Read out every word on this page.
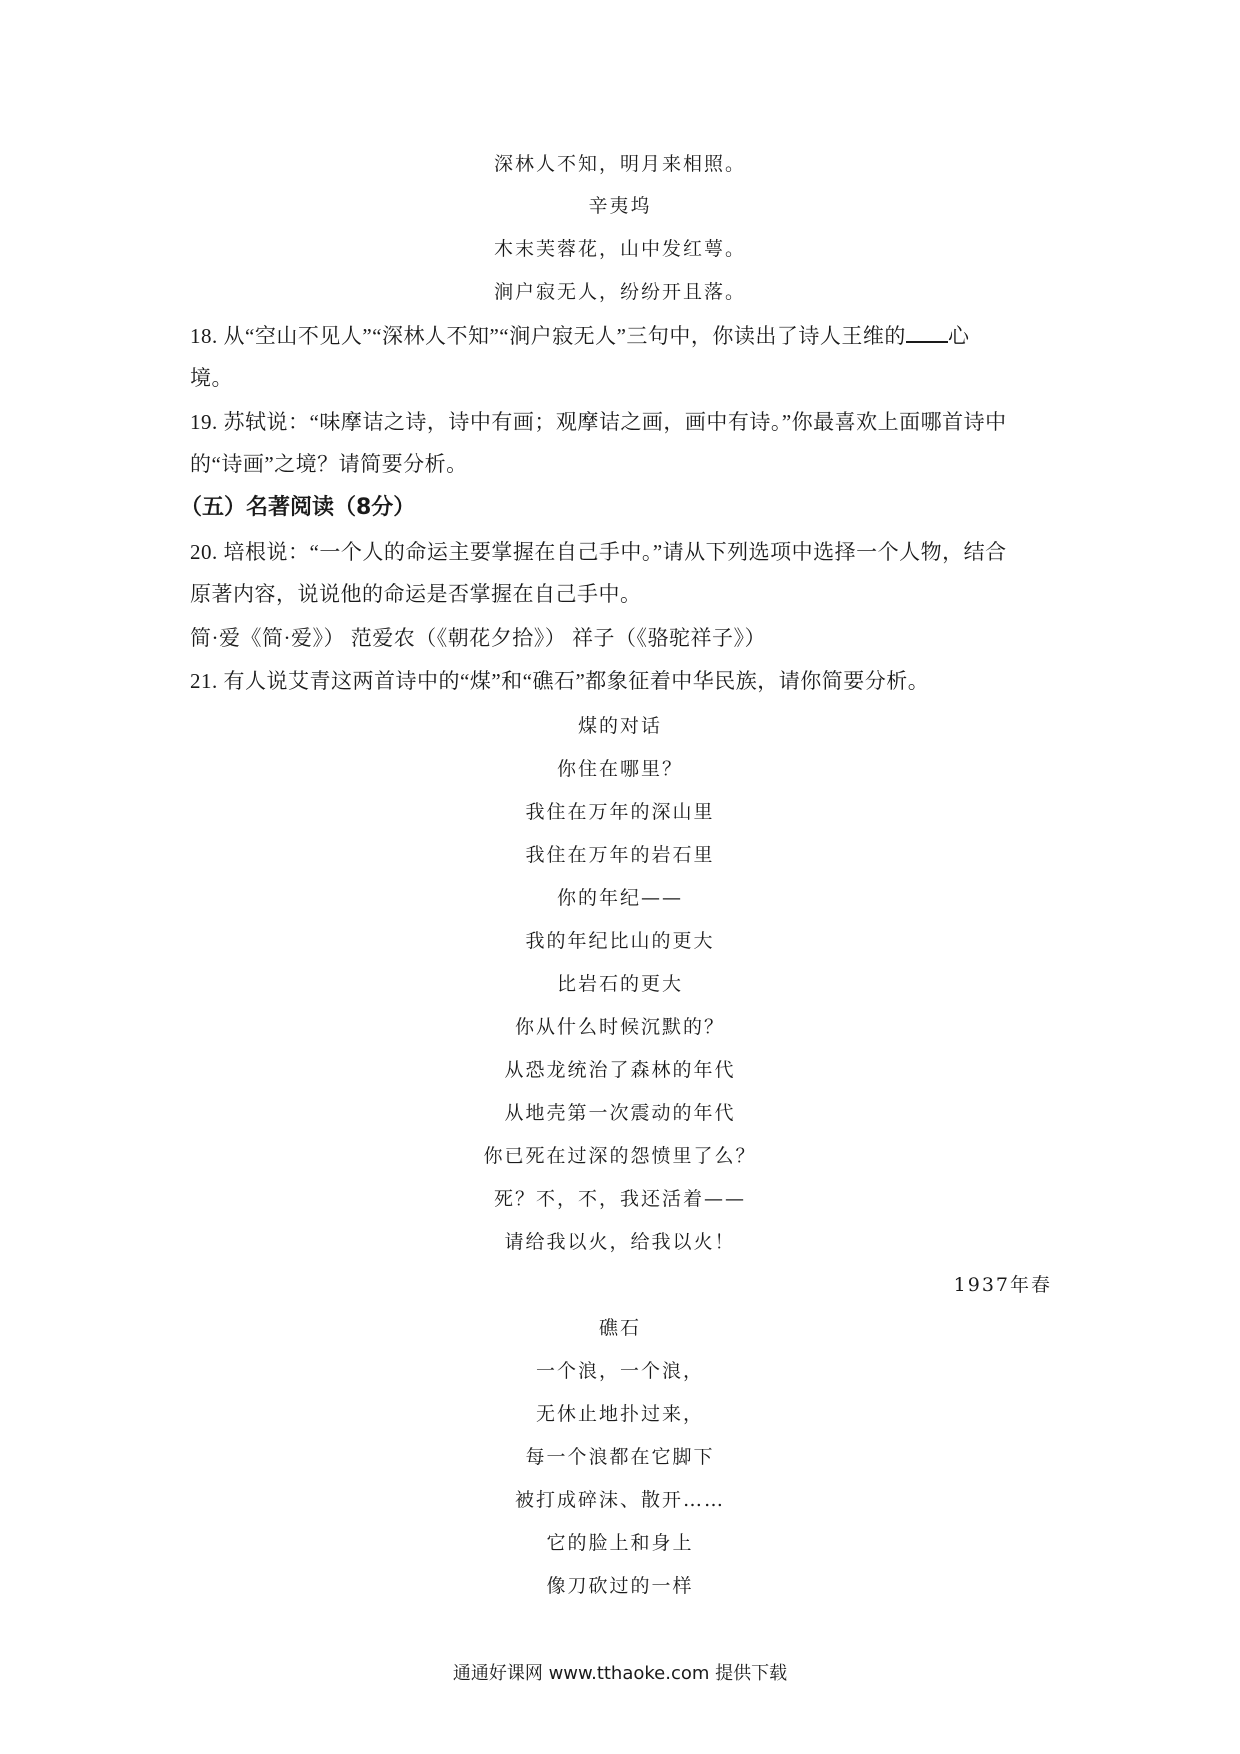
深林人不知，明月来相照。
辛夷坞
木末芙蓉花，山中发红萼。
涧户寂无人，纷纷开且落。
18. 从“空山不见人”“深林人不知”“涧户寂无人”三句中，你读出了诗人王维的 心
境。
19. 苏轼说：“味摩诘之诗，诗中有画；观摩诘之画，画中有诗。”你最喜欢上面哪首诗中
的“诗画”之境？请简要分析。
（五）名著阅读（8分）
20. 培根说：“一个人的命运主要掌握在自己手中。”请从下列选项中选择一个人物，结合
原著内容，说说他的命运是否掌握在自己手中。
简·爱《简·爱》） 范爱农（《朝花夕拾》） 祥子（《骆驼祥子》）
21. 有人说艾青这两首诗中的“煤”和“礁石”都象征着中华民族，请你简要分析。
煤的对话
你住在哪里？
我住在万年的深山里
我住在万年的岩石里
你的年纪——
我的年纪比山的更大
比岩石的更大
你从什么时候沉默的？
从恐龙统治了森林的年代
从地壳第一次震动的年代
你已死在过深的怨愤里了么？
死？不，不，我还活着——
请给我以火，给我以火！
1937年春
礁石
一个浪，一个浪，
无休止地扑过来，
每一个浪都在它脚下
被打成碎沫、散开……
它的脸上和身上
像刀砍过的一样
通通好课网 www.tthaoke.com 提供下载
